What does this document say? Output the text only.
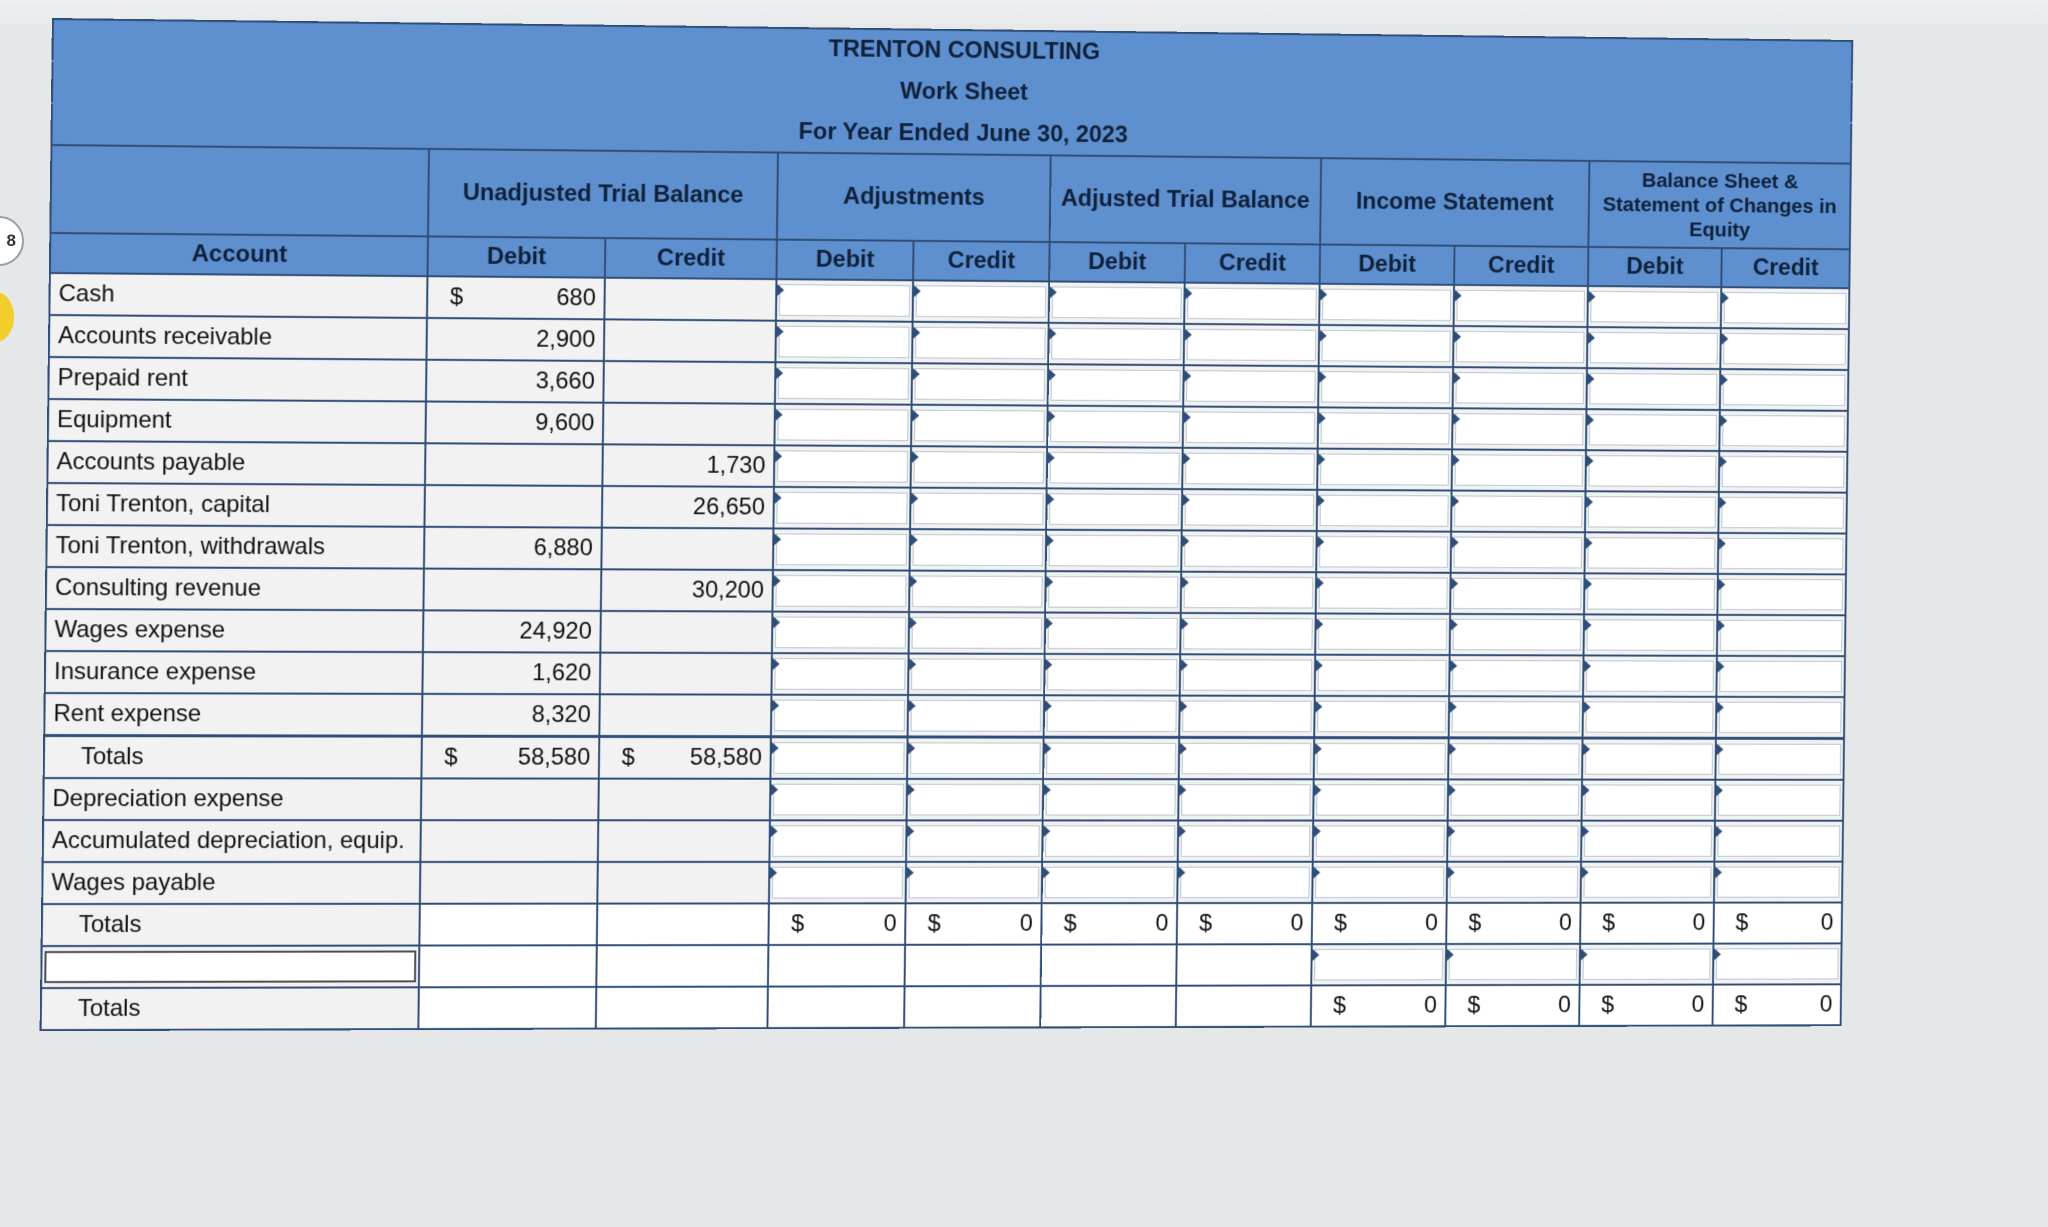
8
TRENTON CONSULTING										
Work Sheet										
For Year Ended June 30, 2023										
	Unadjusted Trial Balance		Adjustments		Adjusted Trial Balance		Income Statement		Balance Sheet & Statement of Changes in Equity	
Account	Debit	Credit	Debit	Credit	Debit	Credit	Debit	Credit	Debit	Credit
Cash	$ 680									
Accounts receivable	2,900									
Prepaid rent	3,660									
Equipment	9,600									
Accounts payable		1,730								
Toni Trenton, capital		26,650								
Toni Trenton, withdrawals	6,880									
Consulting revenue		30,200								
Wages expense	24,920									
Insurance expense	1,620									
Rent expense	8,320									
Totals	$ 58,580	$ 58,580								
Depreciation expense										
Accumulated depreciation, equip.										
Wages payable										
Totals			$ 0	$ 0	$ 0	$ 0	$ 0	$ 0	$ 0	$ 0

Totals							$ 0	$ 0	$ 0	$ 0
